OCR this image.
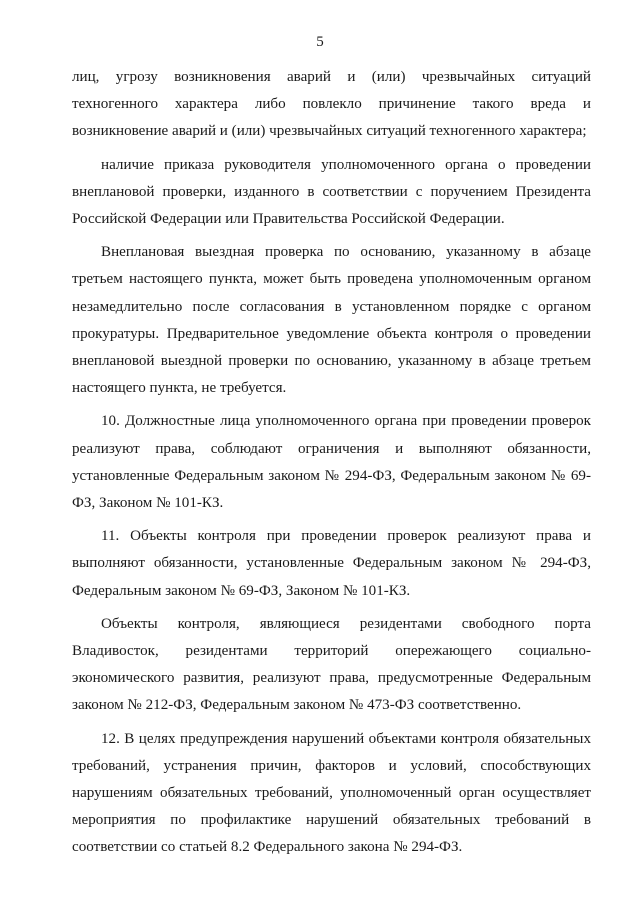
5

лиц, угрозу возникновения аварий и (или) чрезвычайных ситуаций техногенного характера либо повлекло причинение такого вреда и возникновение аварий и (или) чрезвычайных ситуаций техногенного характера;

наличие приказа руководителя уполномоченного органа о проведении внеплановой проверки, изданного в соответствии с поручением Президента Российской Федерации или Правительства Российской Федерации.

Внеплановая выездная проверка по основанию, указанному в абзаце третьем настоящего пункта, может быть проведена уполномоченным органом незамедлительно после согласования в установленном порядке с органом прокуратуры. Предварительное уведомление объекта контроля о проведении внеплановой выездной проверки по основанию, указанному в абзаце третьем настоящего пункта, не требуется.

10. Должностные лица уполномоченного органа при проведении проверок реализуют права, соблюдают ограничения и выполняют обязанности, установленные Федеральным законом № 294-ФЗ, Федеральным законом № 69-ФЗ, Законом № 101-КЗ.

11. Объекты контроля при проведении проверок реализуют права и выполняют обязанности, установленные Федеральным законом № 294-ФЗ, Федеральным законом № 69-ФЗ, Законом № 101-КЗ.

Объекты контроля, являющиеся резидентами свободного порта Владивосток, резидентами территорий опережающего социально-экономического развития, реализуют права, предусмотренные Федеральным законом № 212-ФЗ, Федеральным законом № 473-ФЗ соответственно.

12. В целях предупреждения нарушений объектами контроля обязательных требований, устранения причин, факторов и условий, способствующих нарушениям обязательных требований, уполномоченный орган осуществляет мероприятия по профилактике нарушений обязательных требований в соответствии со статьей 8.2 Федерального закона № 294-ФЗ.
